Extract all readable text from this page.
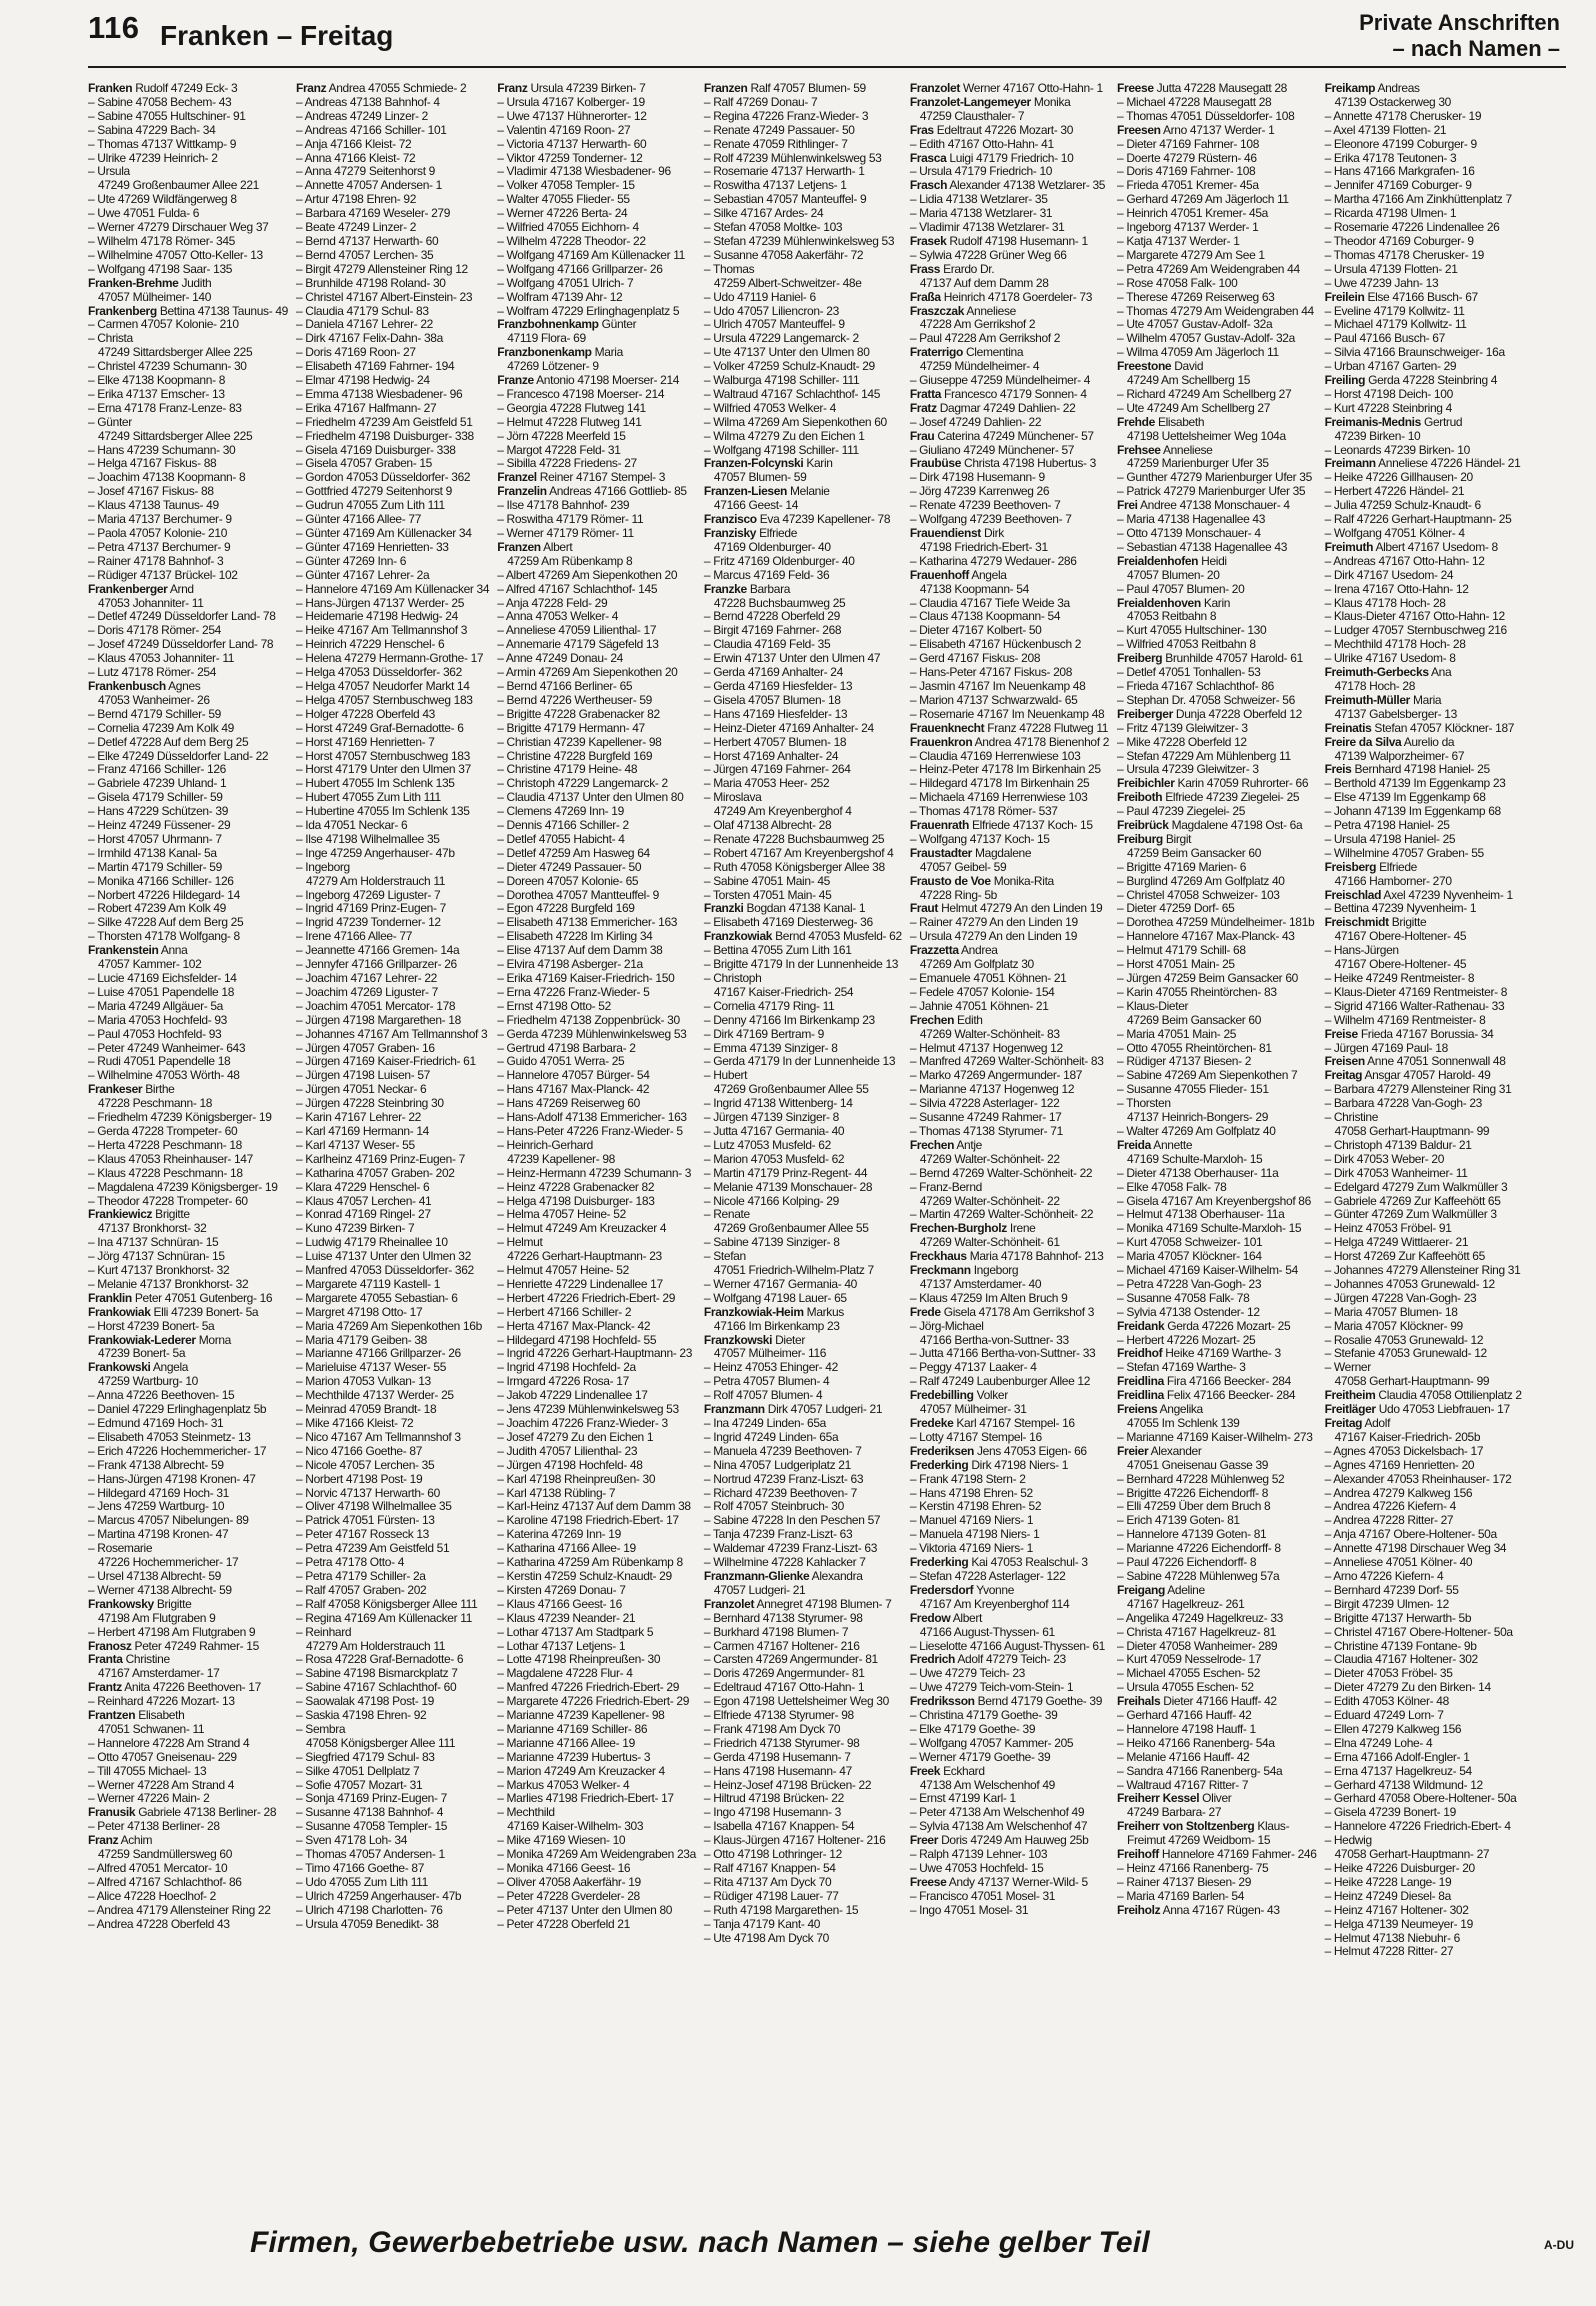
116 Franken – Freitag	Private Anschriften
– nach Namen –
Franken Rudolf 47249 Eck- 3
– Sabine 47058 Bechem- 43
– Sabine 47055 Hultschiner- 91
– Sabina 47229 Bach- 34
– Thomas 47137 Wittkamp- 9
– Ulrike 47239 Heinrich- 2
– Ursula
47249 Großenbaumer Allee 221
– Ute 47269 Wildfängerweg 8
– Uwe 47051 Fulda- 6
– Werner 47279 Dirschauer Weg 37
– Wilhelm 47178 Römer- 345
– Wilhelmine 47057 Otto-Keller- 13
– Wolfgang 47198 Saar- 135
Franken-Brehme Judith
47057 Mülheimer- 140
Frankenberg Bettina 47138 Taunus- 49
– Carmen 47057 Kolonie- 210
– Christa
47249 Sittardsberger Allee 225
– Christel 47239 Schumann- 30
– Elke 47138 Koopmann- 8
– Erika 47137 Emscher- 13
– Erna 47178 Franz-Lenze- 83
– Günter
47249 Sittardsberger Allee 225
– Hans 47239 Schumann- 30
– Helga 47167 Fiskus- 88
– Joachim 47138 Koopmann- 8
– Josef 47167 Fiskus- 88
– Klaus 47138 Taunus- 49
– Maria 47137 Berchumer- 9
– Paola 47057 Kolonie- 210
– Petra 47137 Berchumer- 9
– Rainer 47178 Bahnhof- 3
– Rüdiger 47137 Brückel- 102
Frankenberger Arnd
47053 Johanniter- 11
– Detlef 47249 Düsseldorfer Land- 78
– Doris 47178 Römer- 254
– Josef 47249 Düsseldorfer Land- 78
– Klaus 47053 Johanniter- 11
– Lutz 47178 Römer- 254
Frankenbusch Agnes
47053 Wanheimer- 26
– Bernd 47179 Schiller- 59
– Cornelia 47239 Am Kolk 49
– Detlef 47228 Auf dem Berg 25
– Elke 47249 Düsseldorfer Land- 22
– Franz 47166 Schiller- 126
– Gabriele 47239 Uhland- 1
– Gisela 47179 Schiller- 59
– Hans 47229 Schützen- 39
– Heinz 47249 Füssener- 29
– Horst 47057 Uhrmann- 7
– Irmhild 47138 Kanal- 5a
– Martin 47179 Schiller- 59
– Monika 47166 Schiller- 126
– Norbert 47226 Hildegard- 14
– Robert 47239 Am Kolk 49
– Silke 47228 Auf dem Berg 25
– Thorsten 47178 Wolfgang- 8
Frankenstein Anna
47057 Kammer- 102
– Lucie 47169 Eichsfelder- 14
– Luise 47051 Papendelle 18
– Maria 47249 Allgäuer- 5a
– Maria 47053 Hochfeld- 93
– Paul 47053 Hochfeld- 93
– Peter 47249 Wanheimer- 643
– Rudi 47051 Papendelle 18
– Wilhelmine 47053 Wörth- 48
Frankeser Birthe
47228 Peschmann- 18
– Friedhelm 47239 Königsberger- 19
– Gerda 47228 Trompeter- 60
– Herta 47228 Peschmann- 18
– Klaus 47053 Rheinhauser- 147
– Klaus 47228 Peschmann- 18
– Magdalena 47239 Königsberger- 19
– Theodor 47228 Trompeter- 60
Frankiewicz Brigitte
47137 Bronkhorst- 32
– Ina 47137 Schnüran- 15
– Jörg 47137 Schnüran- 15
– Kurt 47137 Bronkhorst- 32
– Melanie 47137 Bronkhorst- 32
Franklin Peter 47051 Gutenberg- 16
Frankowiak Elli 47239 Bonert- 5a
– Horst 47239 Bonert- 5a
Frankowiak-Lederer Morna
47239 Bonert- 5a
Frankowski Angela
47259 Wartburg- 10
– Anna 47226 Beethoven- 15
– Daniel 47229 Erlinghagenplatz 5b
– Edmund 47169 Hoch- 31
– Elisabeth 47053 Steinmetz- 13
– Erich 47226 Hochemmericher- 17
– Frank 47138 Albrecht- 59
– Hans-Jürgen 47198 Kronen- 47
– Hildegard 47169 Hoch- 31
– Jens 47259 Wartburg- 10
– Marcus 47057 Nibelungen- 89
– Martina 47198 Kronen- 47
– Rosemarie
47226 Hochemmericher- 17
– Ursel 47138 Albrecht- 59
– Werner 47138 Albrecht- 59
Frankowsky Brigitte
47198 Am Flutgraben 9
– Herbert 47198 Am Flutgraben 9
Franosz Peter 47249 Rahmer- 15
Franta Christine
47167 Amsterdamer- 17
Frantz Anita 47226 Beethoven- 17
– Reinhard 47226 Mozart- 13
Frantzen Elisabeth
47051 Schwanen- 11
– Hannelore 47228 Am Strand 4
– Otto 47057 Gneisenau- 229
– Till 47055 Michael- 13
– Werner 47228 Am Strand 4
– Werner 47226 Main- 2
Franusik Gabriele 47138 Berliner- 28
– Peter 47138 Berliner- 28
Franz Achim
47259 Sandmüllersweg 60
– Alfred 47051 Mercator- 10
– Alfred 47167 Schlachthof- 86
– Alice 47228 Hoeclhof- 2
– Andrea 47179 Allensteiner Ring 22
– Andrea 47228 Oberfeld 43
Franz Andrea 47055 Schmiede- 2
– Andreas 47138 Bahnhof- 4
– Andreas 47249 Linzer- 2
– Andreas 47166 Schiller- 101
– Anja 47166 Kleist- 72
– Anna 47166 Kleist- 72
– Anna 47279 Seitenhorst 9
– Annette 47057 Andersen- 1
– Artur 47198 Ehren- 92
– Barbara 47169 Weseler- 279
– Beate 47249 Linzer- 2
– Bernd 47137 Herwarth- 60
– Bernd 47057 Lerchen- 35
– Birgit 47279 Allensteiner Ring 12
– Brunhilde 47198 Roland- 30
– Christel 47167 Albert-Einstein- 23
– Claudia 47179 Schul- 83
– Daniela 47167 Lehrer- 22
– Dirk 47167 Felix-Dahn- 38a
– Doris 47169 Roon- 27
– Elisabeth 47169 Fahrner- 194
– Elmar 47198 Hedwig- 24
– Emma 47138 Wiesbadener- 96
– Erika 47167 Halfmann- 27
– Friedhelm 47239 Am Geistfeld 51
– Friedhelm 47198 Duisburger- 338
– Gisela 47169 Duisburger- 338
– Gisela 47057 Graben- 15
– Gordon 47053 Düsseldorfer- 362
– Gottfried 47279 Seitenhorst 9
– Gudrun 47055 Zum Lith 111
– Günter 47166 Allee- 77
– Günter 47169 Am Küllenacker 34
– Günter 47169 Henrietten- 33
– Günter 47269 Inn- 6
– Günter 47167 Lehrer- 2a
– Hannelore 47169 Am Küllenacker 34
– Hans-Jürgen 47137 Werder- 25
– Heidemarie 47198 Hedwig- 24
– Heike 47167 Am Tellmannshof 3
– Heinrich 47229 Henschel- 6
– Helena 47279 Hermann-Grothe- 17
– Helga 47053 Düsseldorfer- 362
– Helga 47057 Neudorfer Markt 14
– Helga 47057 Sternbuschweg 183
– Holger 47228 Oberfeld 43
– Horst 47249 Graf-Bernadotte- 6
– Horst 47169 Henrietten- 7
– Horst 47057 Sternbuschweg 183
– Horst 47179 Unter den Ulmen 37
– Hubert 47055 Im Schlenk 135
– Hubert 47055 Zum Lith 111
– Hubertine 47055 Im Schlenk 135
– Ida 47051 Neckar- 6
– Ilse 47198 Wilhelmallee 35
– Inge 47259 Angerhauser- 47b
– Ingeborg
47279 Am Holderstrauch 11
– Ingeborg 47269 Liguster- 7
– Ingrid 47169 Prinz-Eugen- 7
– Ingrid 47239 Tonderner- 12
– Irene 47166 Allee- 77
– Jeannette 47166 Gremen- 14a
– Jennyfer 47166 Grillparzer- 26
– Joachim 47167 Lehrer- 22
– Joachim 47269 Liguster- 7
– Joachim 47051 Mercator- 178
– Jürgen 47198 Margarethen- 18
– Johannes 47167 Am Tellmannshof 3
– Jürgen 47057 Graben- 16
– Jürgen 47169 Kaiser-Friedrich- 61
– Jürgen 47198 Luisen- 57
– Jürgen 47051 Neckar- 6
– Jürgen 47228 Steinbring 30
– Karin 47167 Lehrer- 22
– Karl 47169 Hermann- 14
– Karl 47137 Weser- 55
– Karlheinz 47169 Prinz-Eugen- 7
– Katharina 47057 Graben- 202
– Klara 47229 Henschel- 6
– Klaus 47057 Lerchen- 41
– Konrad 47169 Ringel- 27
– Kuno 47239 Birken- 7
– Ludwig 47179 Rheinallee 10
– Luise 47137 Unter den Ulmen 32
– Manfred 47053 Düsseldorfer- 362
– Margarete 47119 Kastell- 1
– Margarete 47055 Sebastian- 6
– Margret 47198 Otto- 17
– Maria 47269 Am Siepenkothen 16b
– Maria 47179 Geiben- 38
– Marianne 47166 Grillparzer- 26
– Marieluise 47137 Weser- 55
– Marion 47053 Vulkan- 13
– Mechthilde 47137 Werder- 25
– Meinrad 47059 Brandt- 18
– Mike 47166 Kleist- 72
– Nico 47167 Am Tellmannshof 3
– Nico 47166 Goethe- 87
– Nicole 47057 Lerchen- 35
– Norbert 47198 Post- 19
– Norvic 47137 Herwarth- 60
– Oliver 47198 Wilhelmallee 35
– Patrick 47051 Fürsten- 13
– Peter 47167 Rosseck 13
– Petra 47239 Am Geistfeld 51
– Petra 47178 Otto- 4
– Petra 47179 Schiller- 2a
– Ralf 47057 Graben- 202
– Ralf 47058 Königsberger Allee 111
– Regina 47169 Am Küllenacker 11
– Reinhard
47279 Am Holderstrauch 11
– Rosa 47228 Graf-Bernadotte- 6
– Sabine 47198 Bismarckplatz 7
– Sabine 47167 Schlachthof- 60
– Saowalak 47198 Post- 19
– Saskia 47198 Ehren- 92
– Sembra
47058 Königsberger Allee 111
– Siegfried 47179 Schul- 83
– Silke 47051 Dellplatz 7
– Sofie 47057 Mozart- 31
– Sonja 47169 Prinz-Eugen- 7
– Susanne 47138 Bahnhof- 4
– Susanne 47058 Templer- 15
– Sven 47178 Loh- 34
– Thomas 47057 Andersen- 1
– Timo 47166 Goethe- 87
– Udo 47055 Zum Lith 111
– Ulrich 47259 Angerhauser- 47b
– Ulrich 47198 Charlotten- 76
– Ursula 47059 Benedikt- 38
Franz Ursula 47239 Birken- 7
– Ursula 47167 Kolberger- 19
– Uwe 47137 Hühnerorter- 12
– Valentin 47169 Roon- 27
– Victoria 47137 Herwarth- 60
– Viktor 47259 Tonderner- 12
– Vladimir 47138 Wiesbadener- 96
– Volker 47058 Templer- 15
– Walter 47055 Flieder- 55
– Werner 47226 Berta- 24
– Wilfried 47055 Eichhorn- 4
– Wilhelm 47228 Theodor- 22
– Wolfgang 47169 Am Küllenacker 11
– Wolfgang 47166 Grillparzer- 26
– Wolfgang 47051 Ulrich- 7
– Wolfram 47139 Ahr- 12
– Wolfram 47229 Erlinghagenplatz 5
Franzbohnenkamp Günter
47119 Flora- 69
Franzbonenkamp Maria
47269 Lötzener- 9
Franze Antonio 47198 Moerser- 214
– Francesco 47198 Moerser- 214
– Georgia 47228 Flutweg 141
– Helmut 47228 Flutweg 141
– Jörn 47228 Meerfeld 15
– Margot 47228 Feld- 31
– Sibilla 47228 Friedens- 27
Franzel Reiner 47167 Stempel- 3
Franzelin Andreas 47166 Gottlieb- 85
– Ilse 47178 Bahnhof- 239
– Roswitha 47179 Römer- 11
– Werner 47179 Römer- 11
Franzen Albert
47259 Am Rübenkamp 8
– Albert 47269 Am Siepenkothen 20
– Alfred 47167 Schlachthof- 145
– Anja 47228 Feld- 29
– Anna 47053 Welker- 4
– Anneliese 47059 Lilienthal- 17
– Annemarie 47179 Sägefeld 13
– Anne 47249 Donau- 24
– Armin 47269 Am Siepenkothen 20
– Bernd 47166 Berliner- 65
– Bernd 47226 Wertheuser- 59
– Brigitte 47228 Grabenacker 82
– Brigitte 47179 Hermann- 47
– Christian 47239 Kapellener- 98
– Christine 47228 Burgfeld 169
– Christine 47179 Heine- 48
– Christoph 47229 Langemarck- 2
– Claudia 47137 Unter den Ulmen 80
– Clemens 47269 Inn- 19
– Dennis 47166 Schiller- 2
– Detlef 47055 Habicht- 4
– Detlef 47259 Am Hasweg 64
– Dieter 47249 Passauer- 50
– Doreen 47057 Kolonie- 65
– Dorothea 47057 Mantteuffel- 9
– Egon 47228 Burgfeld 169
– Elisabeth 47138 Emmericher- 163
– Elisabeth 47228 Im Kirling 34
– Elise 47137 Auf dem Damm 38
– Elvira 47198 Asberger- 21a
– Erika 47169 Kaiser-Friedrich- 150
– Erna 47226 Franz-Wieder- 5
– Ernst 47198 Otto- 52
– Friedhelm 47138 Zoppenbrück- 30
– Gerda 47239 Mühlenwinkelsweg 53
– Gertrud 47198 Barbara- 2
– Guido 47051 Werra- 25
– Hannelore 47057 Bürger- 54
– Hans 47167 Max-Planck- 42
– Hans 47269 Reiserweg 60
– Hans-Adolf 47138 Emmericher- 163
– Hans-Peter 47226 Franz-Wieder- 5
– Heinrich-Gerhard
47239 Kapellener- 98
– Heinz-Hermann 47239 Schumann- 3
– Heinz 47228 Grabenacker 82
– Helga 47198 Duisburger- 183
– Helma 47057 Heine- 52
– Helmut 47249 Am Kreuzacker 4
– Helmut
47226 Gerhart-Hauptmann- 23
– Helmut 47057 Heine- 52
– Henriette 47229 Lindenallee 17
– Herbert 47226 Friedrich-Ebert- 29
– Herbert 47166 Schiller- 2
– Herta 47167 Max-Planck- 42
– Hildegard 47198 Hochfeld- 55
– Ingrid 47226 Gerhart-Hauptmann- 23
– Ingrid 47198 Hochfeld- 2a
– Irmgard 47226 Rosa- 17
– Jakob 47229 Lindenallee 17
– Jens 47239 Mühlenwinkelsweg 53
– Joachim 47226 Franz-Wieder- 3
– Josef 47279 Zu den Eichen 1
– Judith 47057 Lilienthal- 23
– Jürgen 47198 Hochfeld- 48
– Karl 47198 Rheinpreußen- 30
– Karl 47138 Rübling- 7
– Karl-Heinz 47137 Auf dem Damm 38
– Karoline 47198 Friedrich-Ebert- 17
– Katerina 47269 Inn- 19
– Katharina 47166 Allee- 19
– Katharina 47259 Am Rübenkamp 8
– Kerstin 47259 Schulz-Knaudt- 29
– Kirsten 47269 Donau- 7
– Klaus 47166 Geest- 16
– Klaus 47239 Neander- 21
– Lothar 47137 Am Stadtpark 5
– Lothar 47137 Letjens- 1
– Lotte 47198 Rheinpreußen- 30
– Magdalene 47228 Flur- 4
– Manfred 47226 Friedrich-Ebert- 29
– Margarete 47226 Friedrich-Ebert- 29
– Marianne 47239 Kapellener- 98
– Marianne 47169 Schiller- 86
– Marianne 47166 Allee- 19
– Marianne 47239 Hubertus- 3
– Marion 47249 Am Kreuzacker 4
– Markus 47053 Welker- 4
– Marlies 47198 Friedrich-Ebert- 17
– Mechthild
47169 Kaiser-Wilhelm- 303
– Mike 47169 Wiesen- 10
– Monika 47269 Am Weidengraben 23a
– Monika 47166 Geest- 16
– Oliver 47058 Aakerfähr- 19
– Peter 47228 Gverdeler- 28
– Peter 47137 Unter den Ulmen 80
– Peter 47228 Oberfeld 21
Franzen Ralf 47057 Blumen- 59
– Ralf 47269 Donau- 7
– Regina 47226 Franz-Wieder- 3
– Renate 47249 Passauer- 50
– Renate 47059 Rithlinger- 7
– Rolf 47239 Mühlenwinkelsweg 53
– Rosemarie 47137 Herwarth- 1
– Roswitha 47137 Letjens- 1
– Sebastian 47057 Manteuffel- 9
– Silke 47167 Ardes- 24
– Stefan 47058 Moltke- 103
– Stefan 47239 Mühlenwinkelsweg 53
– Susanne 47058 Aakerfähr- 72
– Thomas
47259 Albert-Schweitzer- 48e
– Udo 47119 Haniel- 6
– Udo 47057 Liliencron- 23
– Ulrich 47057 Manteuffel- 9
– Ursula 47229 Langemarck- 2
– Ute 47137 Unter den Ulmen 80
– Volker 47259 Schulz-Knaudt- 29
– Walburga 47198 Schiller- 111
– Waltraud 47167 Schlachthof- 145
– Wilfried 47053 Welker- 4
– Wilma 47269 Am Siepenkothen 60
– Wilma 47279 Zu den Eichen 1
– Wolfgang 47198 Schiller- 111
Franzen-Folcynski Karin
47057 Blumen- 59
Franzen-Liesen Melanie
47166 Geest- 14
Franzisco Eva 47239 Kapellener- 78
Franzisky Elfriede
47169 Oldenburger- 40
– Fritz 47169 Oldenburger- 40
– Marcus 47169 Feld- 36
Franzke Barbara
47228 Buchsbaumweg 25
– Bernd 47228 Oberfeld 29
– Birgit 47169 Fahrner- 268
– Claudia 47169 Feld- 35
– Erwin 47137 Unter den Ulmen 47
– Gerda 47169 Anhalter- 24
– Gerda 47169 Hiesfelder- 13
– Gisela 47057 Blumen- 18
– Hans 47169 Hiesfelder- 13
– Heinz-Dieter 47169 Anhalter- 24
– Herbert 47057 Blumen- 18
– Horst 47169 Anhalter- 24
– Jürgen 47169 Fahrner- 264
– Maria 47053 Heer- 252
– Miroslava
47249 Am Kreyenberghof 4
– Olaf 47138 Albrecht- 28
– Renate 47228 Buchsbaumweg 25
– Robert 47167 Am Kreyenbergshof 4
– Ruth 47058 Königsberger Allee 38
– Sabine 47051 Main- 45
– Torsten 47051 Main- 45
Franzki Bogdan 47138 Kanal- 1
– Elisabeth 47169 Diesterweg- 36
Franzkowiak Bernd 47053 Musfeld- 62
– Bettina 47055 Zum Lith 161
– Brigitte 47179 In der Lunnenheide 13
– Christoph
47167 Kaiser-Friedrich- 254
– Cornelia 47179 Ring- 11
– Denny 47166 Im Birkenkamp 23
– Dirk 47169 Bertram- 9
– Emma 47139 Sinziger- 8
– Gerda 47179 In der Lunnenheide 13
– Hubert
47269 Großenbaumer Allee 55
– Ingrid 47138 Wittenberg- 14
– Jürgen 47139 Sinziger- 8
– Jutta 47167 Germania- 40
– Lutz 47053 Musfeld- 62
– Marion 47053 Musfeld- 62
– Martin 47179 Prinz-Regent- 44
– Melanie 47139 Monschauer- 28
– Nicole 47166 Kolping- 29
– Renate
47269 Großenbaumer Allee 55
– Sabine 47139 Sinziger- 8
– Stefan
47051 Friedrich-Wilhelm-Platz 7
– Werner 47167 Germania- 40
– Wolfgang 47198 Lauer- 65
Franzkowiak-Heim Markus
47166 Im Birkenkamp 23
Franzkowski Dieter
47057 Mülheimer- 116
– Heinz 47053 Ehinger- 42
– Petra 47057 Blumen- 4
– Rolf 47057 Blumen- 4
Franzmann Dirk 47057 Ludgeri- 21
– Ina 47249 Linden- 65a
– Ingrid 47249 Linden- 65a
– Manuela 47239 Beethoven- 7
– Nina 47057 Ludgeriplatz 21
– Nortrud 47239 Franz-Liszt- 63
– Richard 47239 Beethoven- 7
– Rolf 47057 Steinbruch- 30
– Sabine 47228 In den Peschen 57
– Tanja 47239 Franz-Liszt- 63
– Waldemar 47239 Franz-Liszt- 63
– Wilhelmine 47228 Kahlacker 7
Franzmann-Glienke Alexandra
47057 Ludgeri- 21
Franzolet Annegret 47198 Blumen- 7
– Bernhard 47138 Styrumer- 98
– Burkhard 47198 Blumen- 7
– Carmen 47167 Holtener- 216
– Carsten 47269 Angermunder- 81
– Doris 47269 Angermunder- 81
– Edeltraud 47167 Otto-Hahn- 1
– Egon 47198 Uettelsheimer Weg 30
– Elfriede 47138 Styrumer- 98
– Frank 47198 Am Dyck 70
– Friedrich 47138 Styrumer- 98
– Gerda 47198 Husemann- 7
– Hans 47198 Husemann- 47
– Heinz-Josef 47198 Brücken- 22
– Hiltrud 47198 Brücken- 22
– Ingo 47198 Husemann- 3
– Isabella 47167 Knappen- 54
– Klaus-Jürgen 47167 Holtener- 216
– Otto 47198 Lothringer- 12
– Ralf 47167 Knappen- 54
– Rita 47137 Am Dyck 70
– Rüdiger 47198 Lauer- 77
– Ruth 47198 Margarethen- 15
– Tanja 47179 Kant- 40
– Ute 47198 Am Dyck 70
Franzolet Werner 47167 Otto-Hahn- 1
Franzolet-Langemeyer Monika
47259 Clausthaler- 7
Fras Edeltraut 47226 Mozart- 30
– Edith 47167 Otto-Hahn- 41
Frasca Luigi 47179 Friedrich- 10
– Ursula 47179 Friedrich- 10
Frasch Alexander 47138 Wetzlarer- 35
– Lidia 47138 Wetzlarer- 35
– Maria 47138 Wetzlarer- 31
– Vladimir 47138 Wetzlarer- 31
Frasek Rudolf 47198 Husemann- 1
– Sylwia 47228 Grüner Weg 66
Frass Erardo Dr.
47137 Auf dem Damm 28
Fraßa Heinrich 47178 Goerdeler- 73
Fraszczak Anneliese
47228 Am Gerrikshof 2
– Paul 47228 Am Gerrikshof 2
Fraterrigo Clementina
47259 Mündelheimer- 4
– Giuseppe 47259 Mündelheimer- 4
Fratta Francesco 47179 Sonnen- 4
Fratz Dagmar 47249 Dahlien- 22
– Josef 47249 Dahlien- 22
Frau Caterina 47249 Münchener- 57
– Giuliano 47249 Münchener- 57
Fraubüse Christa 47198 Hubertus- 3
– Dirk 47198 Husemann- 9
– Jörg 47239 Karrenweg 26
– Renate 47239 Beethoven- 7
– Wolfgang 47239 Beethoven- 7
Frauendienst Dirk
47198 Friedrich-Ebert- 31
– Katharina 47279 Wedauer- 286
Frauenhoff Angela
47138 Koopmann- 54
– Claudia 47167 Tiefe Weide 3a
– Claus 47138 Koopmann- 54
– Dieter 47167 Kolbert- 50
– Elisabeth 47167 Hückenbusch 2
– Gerd 47167 Fiskus- 208
– Hans-Peter 47167 Fiskus- 208
– Jasmin 47167 Im Neuenkamp 48
– Marion 47137 Schwarzwald- 65
– Rosemarie 47167 Im Neuenkamp 48
Frauenknecht Franz 47228 Flutweg 11
Frauenkron Andrea 47178 Bienenhof 2
– Claudia 47169 Herrenwiese 103
– Heinz-Peter 47178 Im Birkenhain 25
– Hildegard 47178 Im Birkenhain 25
– Michaela 47169 Herrenwiese 103
– Thomas 47178 Römer- 537
Frauenrath Elfriede 47137 Koch- 15
– Wolfgang 47137 Koch- 15
Fraustadter Magdalene
47057 Geibel- 59
Frausto de Voe Monika-Rita
47228 Ring- 5b
Fraut Helmut 47279 An den Linden 19
– Rainer 47279 An den Linden 19
– Ursula 47279 An den Linden 19
Frazzetta Andrea
47269 Am Golfplatz 30
– Emanuele 47051 Köhnen- 21
– Fedele 47057 Kolonie- 154
– Jahnie 47051 Köhnen- 21
Frechen Edith
47269 Walter-Schönheit- 83
– Helmut 47137 Hogenweg 12
– Manfred 47269 Walter-Schönheit- 83
– Marko 47269 Angermunder- 187
– Marianne 47137 Hogenweg 12
– Silvia 47228 Asterlager- 122
– Susanne 47249 Rahmer- 17
– Thomas 47138 Styrumer- 71
Frechen Antje
47269 Walter-Schönheit- 22
– Bernd 47269 Walter-Schönheit- 22
– Franz-Bernd
47269 Walter-Schönheit- 22
– Martin 47269 Walter-Schönheit- 22
Frechen-Burgholz Irene
47269 Walter-Schönheit- 61
Freckhaus Maria 47178 Bahnhof- 213
Freckmann Ingeborg
47137 Amsterdamer- 40
– Klaus 47259 Im Alten Bruch 9
Frede Gisela 47178 Am Gerrikshof 3
– Jörg-Michael
47166 Bertha-von-Suttner- 33
– Jutta 47166 Bertha-von-Suttner- 33
– Peggy 47137 Laaker- 4
– Ralf 47249 Laubenburger Allee 12
Fredebilling Volker
47057 Mülheimer- 31
Fredeke Karl 47167 Stempel- 16
– Lotty 47167 Stempel- 16
Frederiksen Jens 47053 Eigen- 66
Frederking Dirk 47198 Niers- 1
– Frank 47198 Stern- 2
– Hans 47198 Ehren- 52
– Kerstin 47198 Ehren- 52
– Manuel 47169 Niers- 1
– Manuela 47198 Niers- 1
– Viktoria 47169 Niers- 1
Frederking Kai 47053 Realschul- 3
– Stefan 47228 Asterlager- 122
Fredersdorf Yvonne
47167 Am Kreyenberghof 114
Fredow Albert
47166 August-Thyssen- 61
– Lieselotte 47166 August-Thyssen- 61
Fredrich Adolf 47279 Teich- 23
– Uwe 47279 Teich- 23
– Uwe 47279 Teich-vom-Stein- 1
Fredriksson Bernd 47179 Goethe- 39
– Christina 47179 Goethe- 39
– Elke 47179 Goethe- 39
– Wolfgang 47057 Kammer- 205
– Werner 47179 Goethe- 39
Freek Eckhard
47138 Am Welschenhof 49
– Ernst 47199 Karl- 1
– Peter 47138 Am Welschenhof 49
– Sylvia 47138 Am Welschenhof 47
Freer Doris 47249 Am Hauweg 25b
– Ralph 47139 Lehner- 103
– Uwe 47053 Hochfeld- 15
Freese Andy 47137 Werner-Wild- 5
– Francisco 47051 Mosel- 31
– Ingo 47051 Mosel- 31
Freese Jutta 47228 Mausegatt 28
– Michael 47228 Mausegatt 28
– Thomas 47051 Düsseldorfer- 108
Freesen Arno 47137 Werder- 1
– Dieter 47169 Fahrner- 108
– Doerte 47279 Rüstern- 46
– Doris 47169 Fahrner- 108
– Frieda 47051 Kremer- 45a
– Gerhard 47269 Am Jägerloch 11
– Heinrich 47051 Kremer- 45a
– Ingeborg 47137 Werder- 1
– Katja 47137 Werder- 1
– Margarete 47279 Am See 1
– Petra 47269 Am Weidengraben 44
– Rose 47058 Falk- 100
– Therese 47269 Reiserweg 63
– Thomas 47279 Am Weidengraben 44
– Ute 47057 Gustav-Adolf- 32a
– Wilhelm 47057 Gustav-Adolf- 32a
– Wilma 47059 Am Jägerloch 11
Freestone David
47249 Am Schellberg 15
– Richard 47249 Am Schellberg 27
– Ute 47249 Am Schellberg 27
Frehde Elisabeth
47198 Uettelsheimer Weg 104a
Frehsee Anneliese
47259 Marienburger Ufer 35
– Gunther 47279 Marienburger Ufer 35
– Patrick 47279 Marienburger Ufer 35
Frei Andree 47138 Monschauer- 4
– Maria 47138 Hagenallee 43
– Otto 47139 Monschauer- 4
– Sebastian 47138 Hagenallee 43
Freialdenhofen Heidi
47057 Blumen- 20
– Paul 47057 Blumen- 20
Freialdenhoven Karin
47053 Reitbahn 8
– Kurt 47055 Hultschiner- 130
– Wilfried 47053 Reitbahn 8
Freiberg Brunhilde 47057 Harold- 61
– Detlef 47051 Tonhallen- 53
– Frieda 47167 Schlachthof- 86
– Stephan Dr. 47058 Schweizer- 56
Freiberger Dunja 47228 Oberfeld 12
– Fritz 47139 Gleiwitzer- 3
– Mike 47228 Oberfeld 12
– Stefan 47229 Am Mühlenberg 11
– Ursula 47239 Gleiwitzer- 3
Freibichler Karin 47059 Ruhrorter- 66
Freiboth Elfriede 47239 Ziegelei- 25
– Paul 47239 Ziegelei- 25
Freibrück Magdalene 47198 Ost- 6a
Freiburg Birgit
47259 Beim Gansacker 60
– Brigitte 47169 Marien- 6
– Burglind 47269 Am Golfplatz 40
– Christel 47058 Schweizer- 103
– Dieter 47259 Dorf- 65
– Dorothea 47259 Mündelheimer- 181b
– Hannelore 47167 Max-Planck- 43
– Helmut 47179 Schill- 68
– Horst 47051 Main- 25
– Jürgen 47259 Beim Gansacker 60
– Karin 47055 Rheintörchen- 83
– Klaus-Dieter
47269 Beim Gansacker 60
– Maria 47051 Main- 25
– Otto 47055 Rheintörchen- 81
– Rüdiger 47137 Biesen- 2
– Sabine 47269 Am Siepenkothen 7
– Susanne 47055 Flieder- 151
– Thorsten
47137 Heinrich-Bongers- 29
– Walter 47269 Am Golfplatz 40
Freida Annette
47169 Schulte-Marxloh- 15
– Dieter 47138 Oberhauser- 11a
– Elke 47058 Falk- 78
– Gisela 47167 Am Kreyenbergshof 86
– Helmut 47138 Oberhauser- 11a
– Monika 47169 Schulte-Marxloh- 15
– Kurt 47058 Schweizer- 101
– Maria 47057 Klöckner- 164
– Michael 47169 Kaiser-Wilhelm- 54
– Petra 47228 Van-Gogh- 23
– Susanne 47058 Falk- 78
– Sylvia 47138 Ostender- 12
Freidank Gerda 47226 Mozart- 25
– Herbert 47226 Mozart- 25
Freidhof Heike 47169 Warthe- 3
– Stefan 47169 Warthe- 3
Freidlina Fira 47166 Beecker- 284
Freidlina Felix 47166 Beecker- 284
Freiens Angelika
47055 Im Schlenk 139
– Marianne 47169 Kaiser-Wilhelm- 273
Freier Alexander
47051 Gneisenau Gasse 39
– Bernhard 47228 Mühlenweg 52
– Brigitte 47226 Eichendorff- 8
– Elli 47259 Über dem Bruch 8
– Erich 47139 Goten- 81
– Hannelore 47139 Goten- 81
– Marianne 47226 Eichendorff- 8
– Paul 47226 Eichendorff- 8
– Sabine 47228 Mühlenweg 57a
Freigang Adeline
47167 Hagelkreuz- 261
– Angelika 47249 Hagelkreuz- 33
– Christa 47167 Hagelkreuz- 81
– Dieter 47058 Wanheimer- 289
– Kurt 47059 Nesselrode- 17
– Michael 47055 Eschen- 52
– Ursula 47055 Eschen- 52
Freihals Dieter 47166 Hauff- 42
– Gerhard 47166 Hauff- 42
– Hannelore 47198 Hauff- 1
– Heiko 47166 Ranenberg- 54a
– Melanie 47166 Hauff- 42
– Sandra 47166 Ranenberg- 54a
– Waltraud 47167 Ritter- 7
Freiherr Kessel Oliver
47249 Barbara- 27
Freiherr von Stoltzenberg Klaus-
Freimut 47269 Weidbom- 15
Freihoff Hannelore 47169 Fahmer- 246
– Heinz 47166 Ranenberg- 75
– Rainer 47137 Biesen- 29
– Maria 47169 Barlen- 54
Freiholz Anna 47167 Rügen- 43
Freikamp Andreas
47139 Ostackerweg 30
– Annette 47178 Cherusker- 19
– Axel 47139 Flotten- 21
– Eleonore 47199 Coburger- 9
– Erika 47178 Teutonen- 3
– Hans 47166 Markgrafen- 16
– Jennifer 47169 Coburger- 9
– Martha 47166 Am Zinkhüttenplatz 7
– Ricarda 47198 Ulmen- 1
– Rosemarie 47226 Lindenallee 26
– Theodor 47169 Coburger- 9
– Thomas 47178 Cherusker- 19
– Ursula 47139 Flotten- 21
– Uwe 47239 Jahn- 13
Freilein Else 47166 Busch- 67
– Eveline 47179 Kollwitz- 11
– Michael 47179 Kollwitz- 11
– Paul 47166 Busch- 67
– Silvia 47166 Braunschweiger- 16a
– Urban 47167 Garten- 29
Freiling Gerda 47228 Steinbring 4
– Horst 47198 Deich- 100
– Kurt 47228 Steinbring 4
Freimanis-Mednis Gertrud
47239 Birken- 10
– Leonards 47239 Birken- 10
Freimann Anneliese 47226 Händel- 21
– Heike 47226 Gillhausen- 20
– Herbert 47226 Händel- 21
– Julia 47259 Schulz-Knaudt- 6
– Ralf 47226 Gerhart-Hauptmann- 25
– Wolfgang 47051 Kölner- 4
Freimuth Albert 47167 Usedom- 8
– Andreas 47167 Otto-Hahn- 12
– Dirk 47167 Usedom- 24
– Irena 47167 Otto-Hahn- 12
– Klaus 47178 Hoch- 28
– Klaus-Dieter 47167 Otto-Hahn- 12
– Ludger 47057 Sternbuschweg 216
– Mechthild 47178 Hoch- 28
– Ulrike 47167 Usedom- 8
Freimuth-Gerbecks Ana
47178 Hoch- 28
Freimuth-Müller Maria
47137 Gabelsberger- 13
Freinatis Stefan 47057 Klöckner- 187
Freire da Silva Aurelio da
47139 Walporzheimer- 67
Freis Bernhard 47198 Haniel- 25
– Berthold 47139 Im Eggenkamp 23
– Else 47139 Im Eggenkamp 68
– Johann 47139 Im Eggenkamp 68
– Petra 47198 Haniel- 25
– Ursula 47198 Haniel- 25
– Wilhelmine 47057 Graben- 55
Freisberg Elfriede
47166 Hamborner- 270
Freischlad Axel 47239 Nyvenheim- 1
– Bettina 47239 Nyvenheim- 1
Freischmidt Brigitte
47167 Obere-Holtener- 45
– Hans-Jürgen
47167 Obere-Holtener- 45
– Heike 47249 Rentmeister- 8
– Klaus-Dieter 47169 Rentmeister- 8
– Sigrid 47166 Walter-Rathenau- 33
– Wilhelm 47169 Rentmeister- 8
Freise Frieda 47167 Borussia- 34
– Jürgen 47169 Paul- 18
Freisen Anne 47051 Sonnenwall 48
Freitag Ansgar 47057 Harold- 49
– Barbara 47279 Allensteiner Ring 31
– Barbara 47228 Van-Gogh- 23
– Christine
47058 Gerhart-Hauptmann- 99
– Christoph 47139 Baldur- 21
– Dirk 47053 Weber- 20
– Dirk 47053 Wanheimer- 11
– Edelgard 47279 Zum Walkmüller 3
– Gabriele 47269 Zur Kaffeehött 65
– Günter 47269 Zum Walkmüller 3
– Heinz 47053 Fröbel- 91
– Helga 47249 Wittlaerer- 21
– Horst 47269 Zur Kaffeehött 65
– Johannes 47279 Allensteiner Ring 31
– Johannes 47053 Grunewald- 12
– Jürgen 47228 Van-Gogh- 23
– Maria 47057 Blumen- 18
– Maria 47057 Klöckner- 99
– Rosalie 47053 Grunewald- 12
– Stefanie 47053 Grunewald- 12
– Werner
47058 Gerhart-Hauptmann- 99
Freitheim Claudia 47058 Ottilienplatz 2
Freitläger Udo 47053 Liebfrauen- 17
Freitag Adolf
47167 Kaiser-Friedrich- 205b
– Agnes 47053 Dickelsbach- 17
– Agnes 47169 Henrietten- 20
– Alexander 47053 Rheinhauser- 172
– Andrea 47279 Kalkweg 156
– Andrea 47226 Kiefern- 4
– Andrea 47228 Ritter- 27
– Anja 47167 Obere-Holtener- 50a
– Annette 47198 Dirschauer Weg 34
– Anneliese 47051 Kölner- 40
– Arno 47226 Kiefern- 4
– Bernhard 47239 Dorf- 55
– Birgit 47239 Ulmen- 12
– Brigitte 47137 Herwarth- 5b
– Christel 47167 Obere-Holtener- 50a
– Christine 47139 Fontane- 9b
– Claudia 47167 Holtener- 302
– Dieter 47053 Fröbel- 35
– Dieter 47279 Zu den Birken- 14
– Edith 47053 Kölner- 48
– Eduard 47249 Lorn- 7
– Ellen 47279 Kalkweg 156
– Elna 47249 Lohe- 4
– Erna 47166 Adolf-Engler- 1
– Erna 47137 Hagelkreuz- 54
– Gerhard 47138 Wildmund- 12
– Gerhard 47058 Obere-Holtener- 50a
– Gisela 47239 Bonert- 19
– Hannelore 47226 Friedrich-Ebert- 4
– Hedwig
47058 Gerhart-Hauptmann- 27
– Heike 47226 Duisburger- 20
– Heike 47228 Lange- 19
– Heinz 47249 Diesel- 8a
– Heinz 47167 Holtener- 302
– Helga 47139 Neumeyer- 19
– Helmut 47138 Niebuhr- 6
– Helmut 47228 Ritter- 27
Firmen, Gewerbebetriebe usw. nach Namen – siehe gelber Teil	A-DU
